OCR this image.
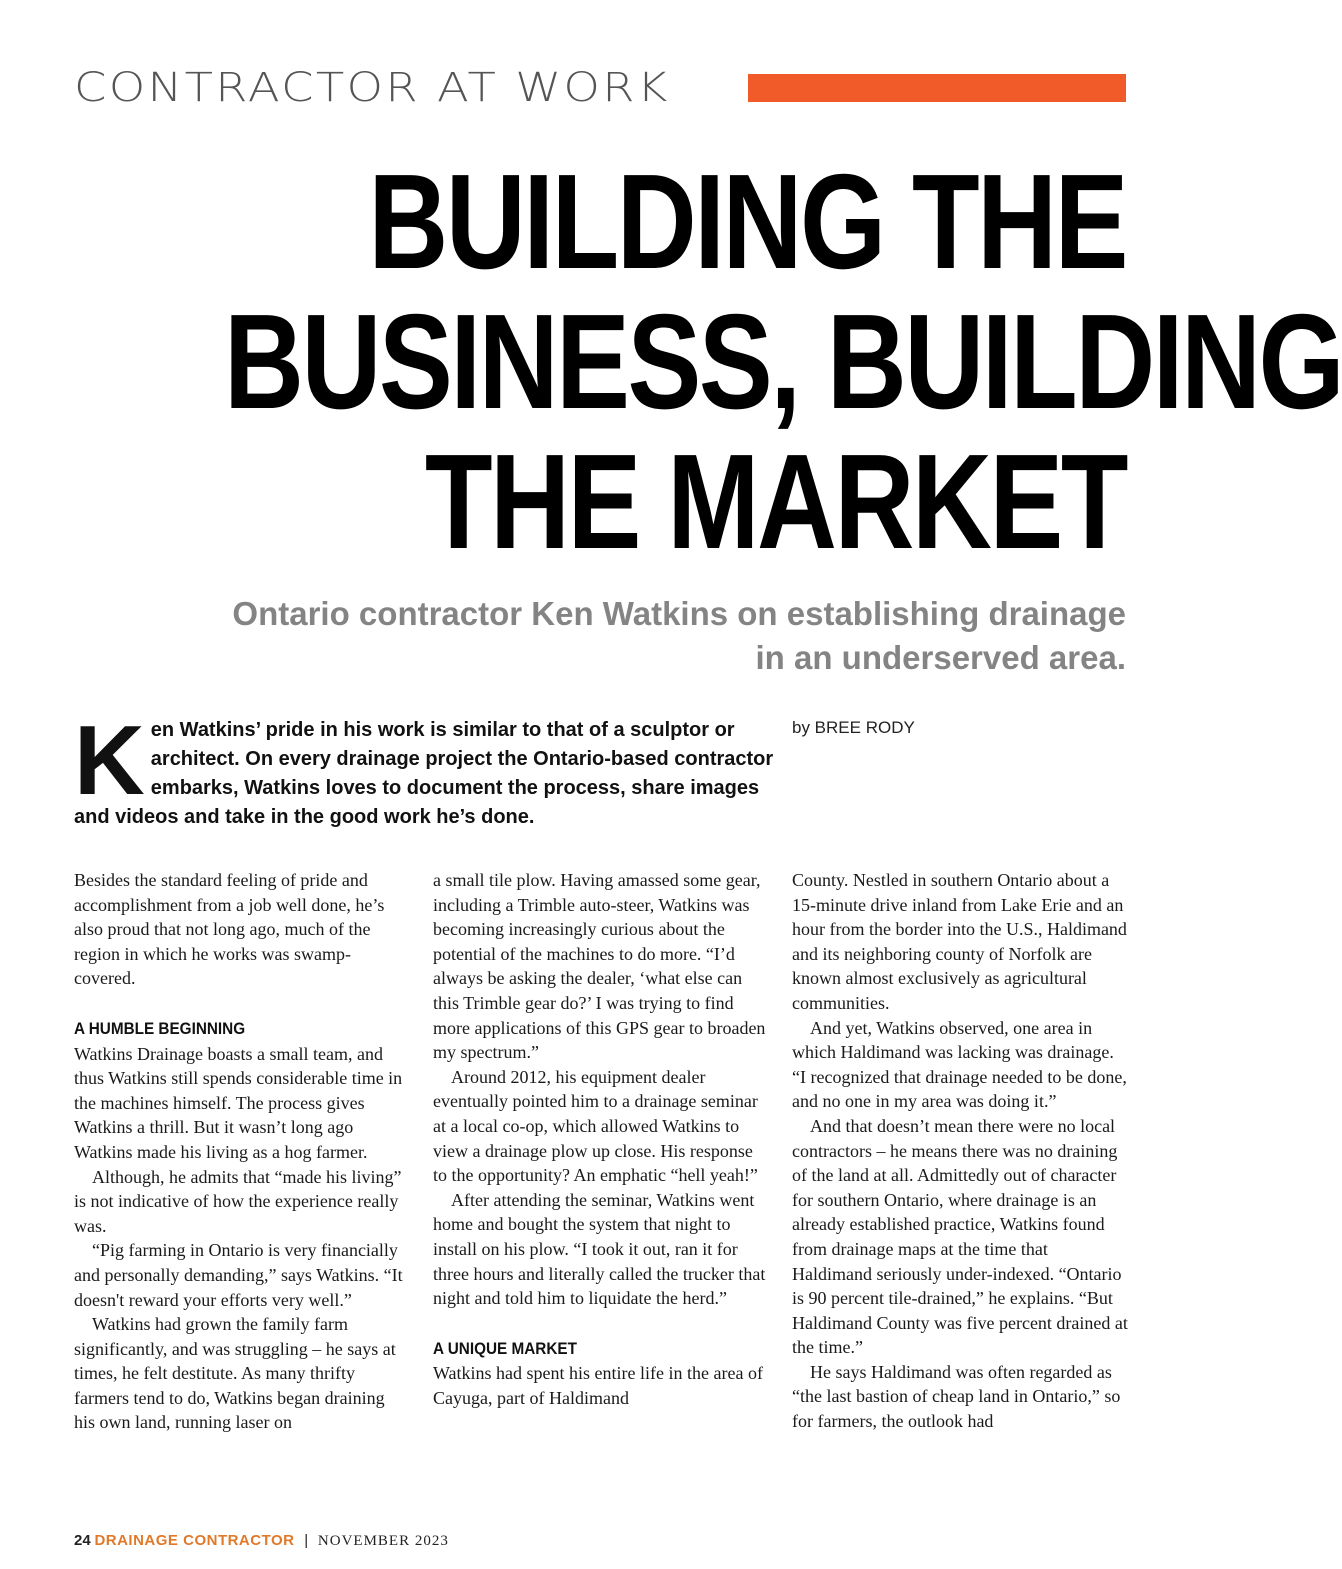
CONTRACTOR AT WORK
BUILDING THE
BUSINESS, BUILDING
THE MARKET
Ontario contractor Ken Watkins on establishing drainage
in an underserved area.
K en Watkins’ pride in his work is similar to that of a sculptor or architect. On every drainage project the Ontario-based contractor embarks, Watkins loves to document the process, share images and videos and take in the good work he’s done.
by BREE RODY

Besides the standard feeling of pride and accomplishment from a job well done, he’s also proud that not long ago, much of the region in which he works was swamp-covered.

A HUMBLE BEGINNING

Watkins Drainage boasts a small team, and thus Watkins still spends considerable time in the machines himself. The process gives Watkins a thrill. But it wasn’t long ago Watkins made his living as a hog farmer.

Although, he admits that “made his living” is not indicative of how the experience really was.

“Pig farming in Ontario is very financially and personally demanding,” says Watkins. “It doesn't reward your efforts very well.”

Watkins had grown the family farm significantly, and was struggling – he says at times, he felt destitute. As many thrifty farmers tend to do, Watkins began draining his own land, running laser on

a small tile plow. Having amassed some gear, including a Trimble auto-steer, Watkins was becoming increasingly curious about the potential of the machines to do more. “I’d always be asking the dealer, ‘what else can this Trimble gear do?’ I was trying to find more applications of this GPS gear to broaden my spectrum.”

Around 2012, his equipment dealer eventually pointed him to a drainage seminar at a local co-op, which allowed Watkins to view a drainage plow up close. His response to the opportunity? An emphatic “hell yeah!”

After attending the seminar, Watkins went home and bought the system that night to install on his plow. “I took it out, ran it for three hours and literally called the trucker that night and told him to liquidate the herd.”

A UNIQUE MARKET

Watkins had spent his entire life in the area of Cayuga, part of Haldimand

County. Nestled in southern Ontario about a 15-minute drive inland from Lake Erie and an hour from the border into the U.S., Haldimand and its neighboring county of Norfolk are known almost exclusively as agricultural communities.

And yet, Watkins observed, one area in which Haldimand was lacking was drainage. “I recognized that drainage needed to be done, and no one in my area was doing it.”

And that doesn’t mean there were no local contractors – he means there was no draining of the land at all. Admittedly out of character for southern Ontario, where drainage is an already established practice, Watkins found from drainage maps at the time that Haldimand seriously under-indexed. “Ontario is 90 percent tile-drained,” he explains. “But Haldimand County was five percent drained at the time.”

He says Haldimand was often regarded as “the last bastion of cheap land in Ontario,” so for farmers, the outlook had

24 DRAINAGE CONTRACTOR | NOVEMBER 2023
